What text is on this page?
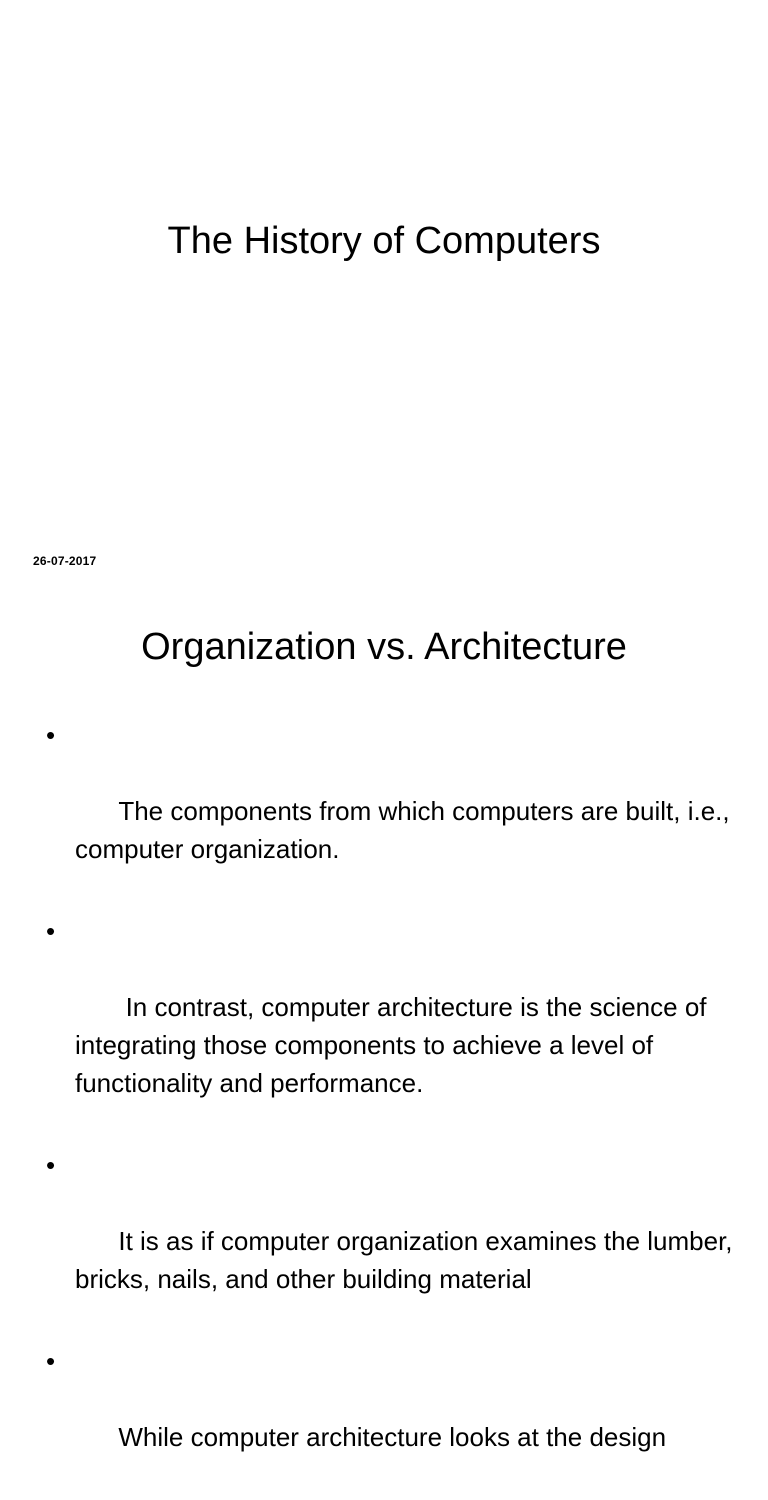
The History of Computers
26-07-2017
Organization vs. Architecture

•

The components from which computers are built, i.e., computer organization.

•

In contrast, computer architecture is the science of integrating those components to achieve a level of functionality and performance.

•

It is as if computer organization examines the lumber, bricks, nails, and other building material

•

While computer architecture looks at the design
